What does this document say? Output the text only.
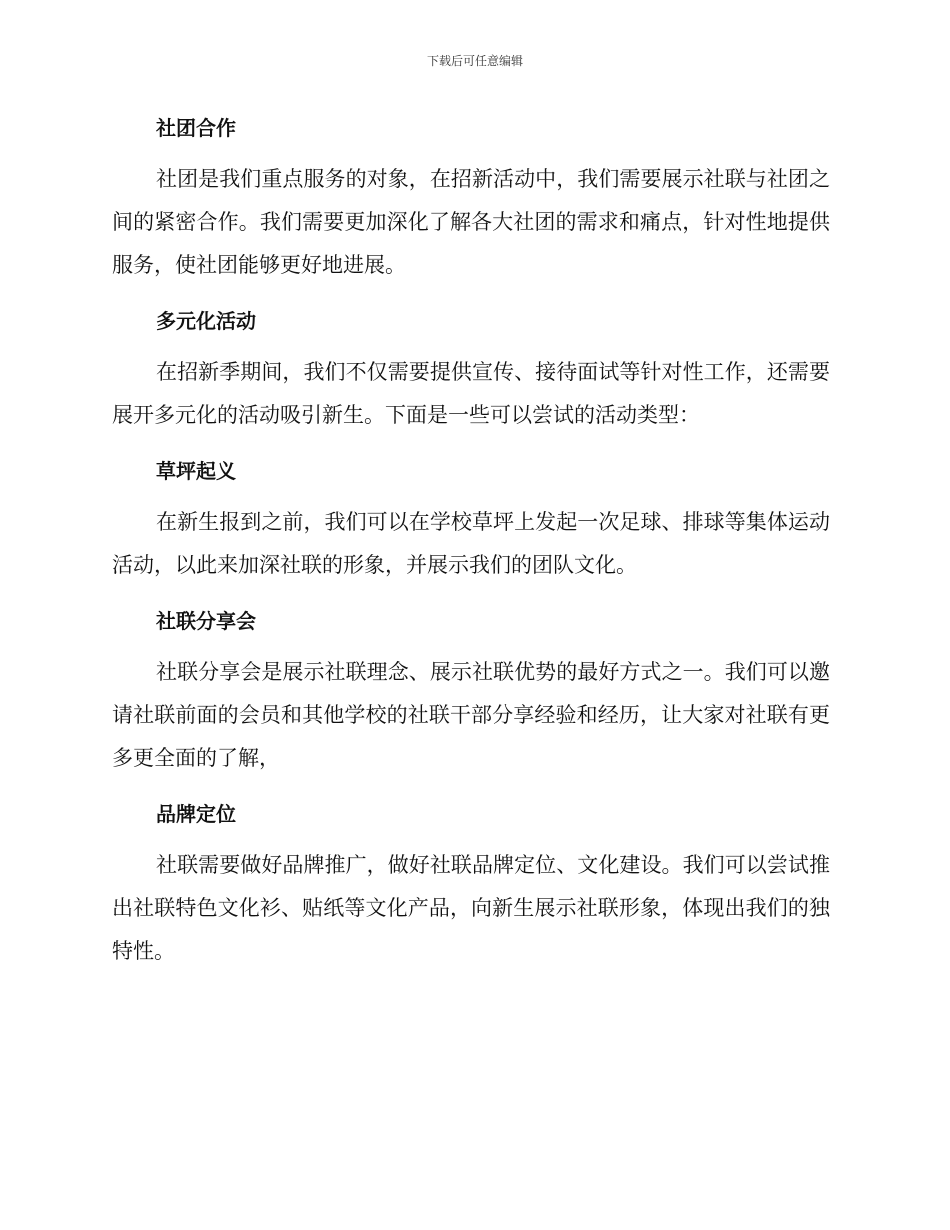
下载后可任意编辑
社团合作

社团是我们重点服务的对象，在招新活动中，我们需要展示社联与社团之间的紧密合作。我们需要更加深化了解各大社团的需求和痛点，针对性地提供服务，使社团能够更好地进展。

多元化活动

在招新季期间，我们不仅需要提供宣传、接待面试等针对性工作，还需要展开多元化的活动吸引新生。下面是一些可以尝试的活动类型：

草坪起义

在新生报到之前，我们可以在学校草坪上发起一次足球、排球等集体运动活动，以此来加深社联的形象，并展示我们的团队文化。

社联分享会

社联分享会是展示社联理念、展示社联优势的最好方式之一。我们可以邀请社联前面的会员和其他学校的社联干部分享经验和经历，让大家对社联有更多更全面的了解，

品牌定位

社联需要做好品牌推广，做好社联品牌定位、文化建设。我们可以尝试推出社联特色文化衫、贴纸等文化产品，向新生展示社联形象，体现出我们的独特性。
